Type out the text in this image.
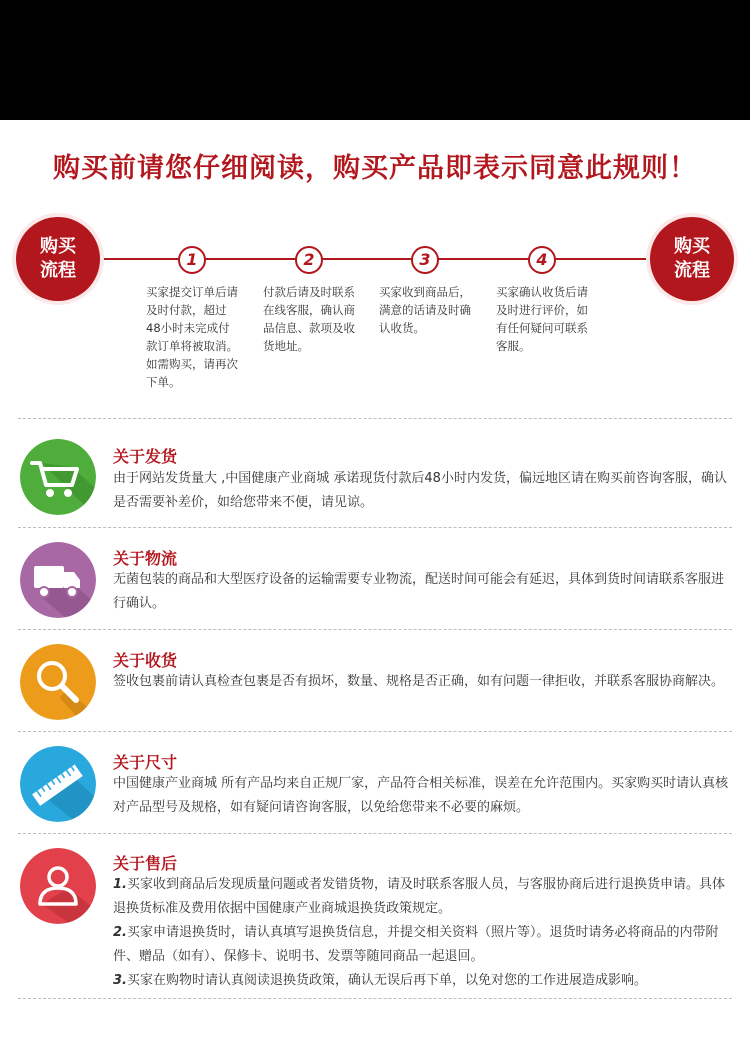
购买前请您仔细阅读，购买产品即表示同意此规则！
购买流程
购买流程
1	2	3	4
买家提交订单后请及时付款，超过48小时未完成付款订单将被取消。如需购买，请再次下单。
付款后请及时联系在线客服，确认商品信息、款项及收货地址。
买家收到商品后，满意的话请及时确认收货。
买家确认收货后请及时进行评价，如有任何疑问可联系客服。
关于发货
由于网站发货量大 ,中国健康产业商城 承诺现货付款后48小时内发货，偏远地区请在购买前咨询客服，确认是否需要补差价，如给您带来不便，请见谅。
关于物流
无菌包装的商品和大型医疗设备的运输需要专业物流，配送时间可能会有延迟，具体到货时间请联系客服进行确认。
关于收货
签收包裹前请认真检查包裹是否有损坏，数量、规格是否正确，如有问题一律拒收，并联系客服协商解决。
关于尺寸
中国健康产业商城 所有产品均来自正规厂家，产品符合相关标准，误差在允许范围内。买家购买时请认真核对产品型号及规格，如有疑问请咨询客服，以免给您带来不必要的麻烦。
关于售后

1.买家收到商品后发现质量问题或者发错货物，请及时联系客服人员，与客服协商后进行退换货申请。具体退换货标准及费用依据中国健康产业商城退换货政策规定。

2.买家申请退换货时，请认真填写退换货信息，并提交相关资料（照片等）。退货时请务必将商品的内带附件、赠品（如有）、保修卡、说明书、发票等随同商品一起退回。

3.买家在购物时请认真阅读退换货政策，确认无误后再下单，以免对您的工作进展造成影响。
